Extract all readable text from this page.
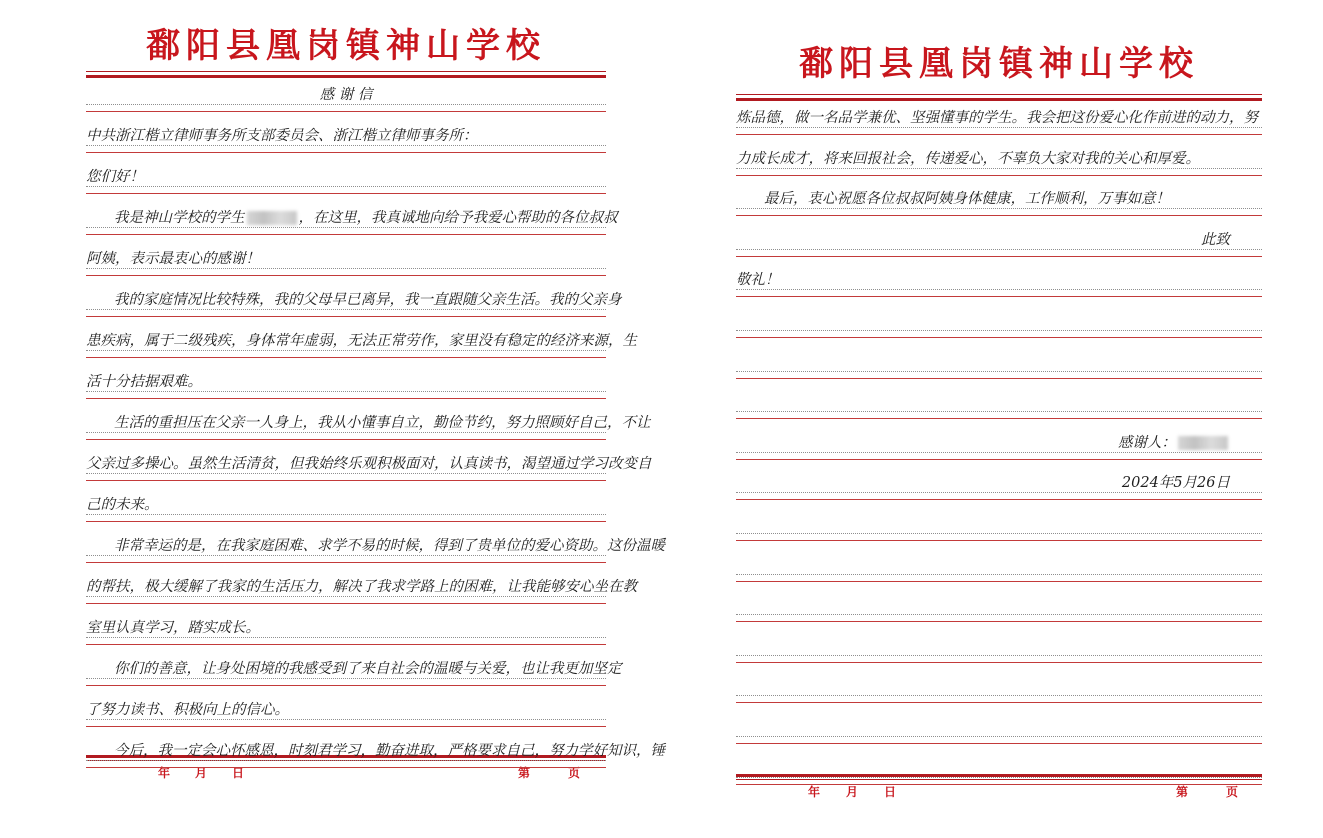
鄱阳县凰岗镇神山学校
年 月 日	第	页
感 谢 信
中共浙江楷立律师事务所支部委员会、浙江楷立律师事务所：
您们好！
我是神山学校的学生	，在这里，我真诚地向给予我爱心帮助的各位叔叔
阿姨，表示最衷心的感谢！
我的家庭情况比较特殊，我的父母早已离异，我一直跟随父亲生活。我的父亲身
患疾病，属于二级残疾，身体常年虚弱，无法正常劳作，家里没有稳定的经济来源，生
活十分拮据艰难。
生活的重担压在父亲一人身上，我从小懂事自立，勤俭节约，努力照顾好自己，不让
父亲过多操心。虽然生活清贫，但我始终乐观积极面对，认真读书，渴望通过学习改变自
己的未来。
非常幸运的是，在我家庭困难、求学不易的时候，得到了贵单位的爱心资助。这份温暖
的帮扶，极大缓解了我家的生活压力，解决了我求学路上的困难，让我能够安心坐在教
室里认真学习，踏实成长。
你们的善意，让身处困境的我感受到了来自社会的温暖与关爱，也让我更加坚定
了努力读书、积极向上的信心。
今后，我一定会心怀感恩，时刻君学习，勤奋进取，严格要求自己，努力学好知识，锤
鄱阳县凰岗镇神山学校
年 月 日	第	页
炼品德，做一名品学兼优、坚强懂事的学生。我会把这份爱心化作前进的动力，努
力成长成才，将来回报社会，传递爱心，不辜负大家对我的关心和厚爱。
最后，衷心祝愿各位叔叔阿姨身体健康，工作顺利，万事如意！
此致
敬礼！
感谢人：
2024年5月26日
